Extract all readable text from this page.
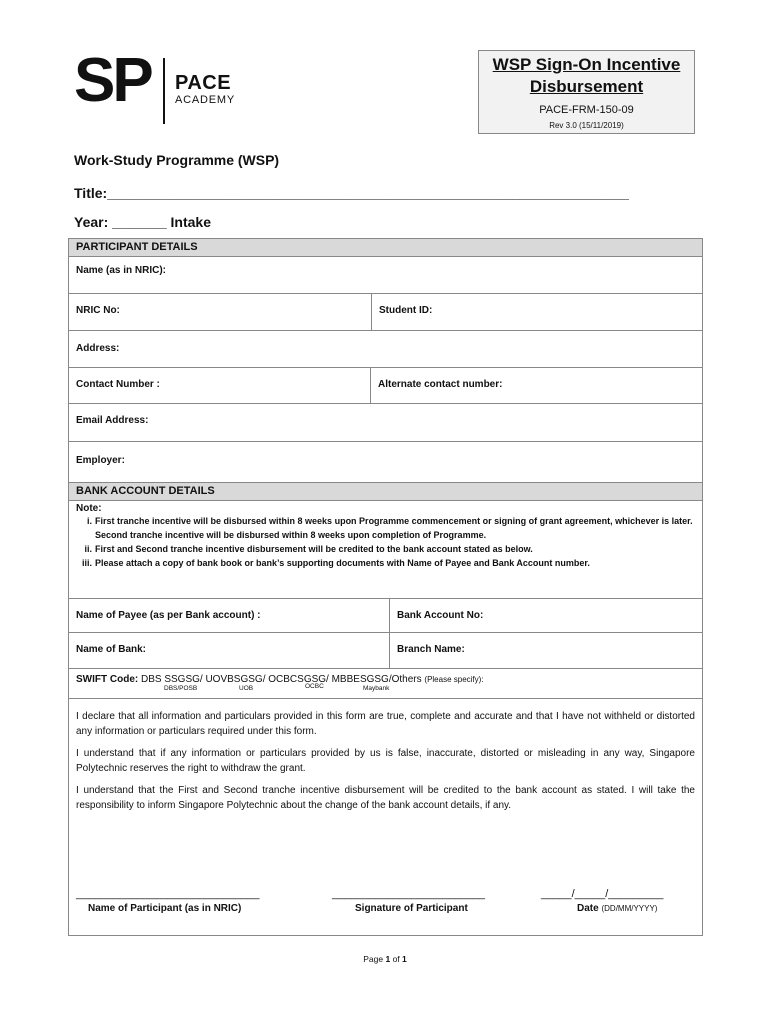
SP PACE
ACADEMY
WSP Sign-On Incentive
Disbursement
PACE-FRM-150-09
Rev 3.0 (15/11/2019)
Work-Study Programme (WSP)
Title:___________________________________________________________________
Year: _______ Intake
PARTICIPANT DETAILS
Name (as in NRIC):
NRIC No:	Student ID:
Address:
Contact Number :	Alternate contact number:
Email Address:
Employer:
BANK ACCOUNT DETAILS
Note:
i. First tranche incentive will be disbursed within 8 weeks upon Programme commencement or signing of grant agreement, whichever is later. Second tranche incentive will be disbursed within 8 weeks upon completion of Programme.
ii. First and Second tranche incentive disbursement will be credited to the bank account stated as below.
iii. Please attach a copy of bank book or bank’s supporting documents with Name of Payee and Bank Account number.
Name of Payee (as per Bank account) :	Bank Account No:
Name of Bank:	Branch Name:
SWIFT Code: DBS SSGSG/ UOVBSGSG/ OCBCSGSG/ MBBESGSG/Others (Please specify):
DBS/POSB	UOB	OCBC	Maybank

I declare that all information and particulars provided in this form are true, complete and accurate and that I have not withheld or distorted any information or particulars required under this form.

I understand that if any information or particulars provided by us is false, inaccurate, distorted or misleading in any way, Singapore Polytechnic reserves the right to withdraw the grant.

I understand that the First and Second tranche incentive disbursement will be credited to the bank account as stated. I will take the responsibility to inform Singapore Polytechnic about the change of the bank account details, if any.

______________________________
Name of Participant (as in NRIC)
_________________________
Signature of Participant
_____/_____/_________
Date (DD/MM/YYYY)
Page 1 of 1
